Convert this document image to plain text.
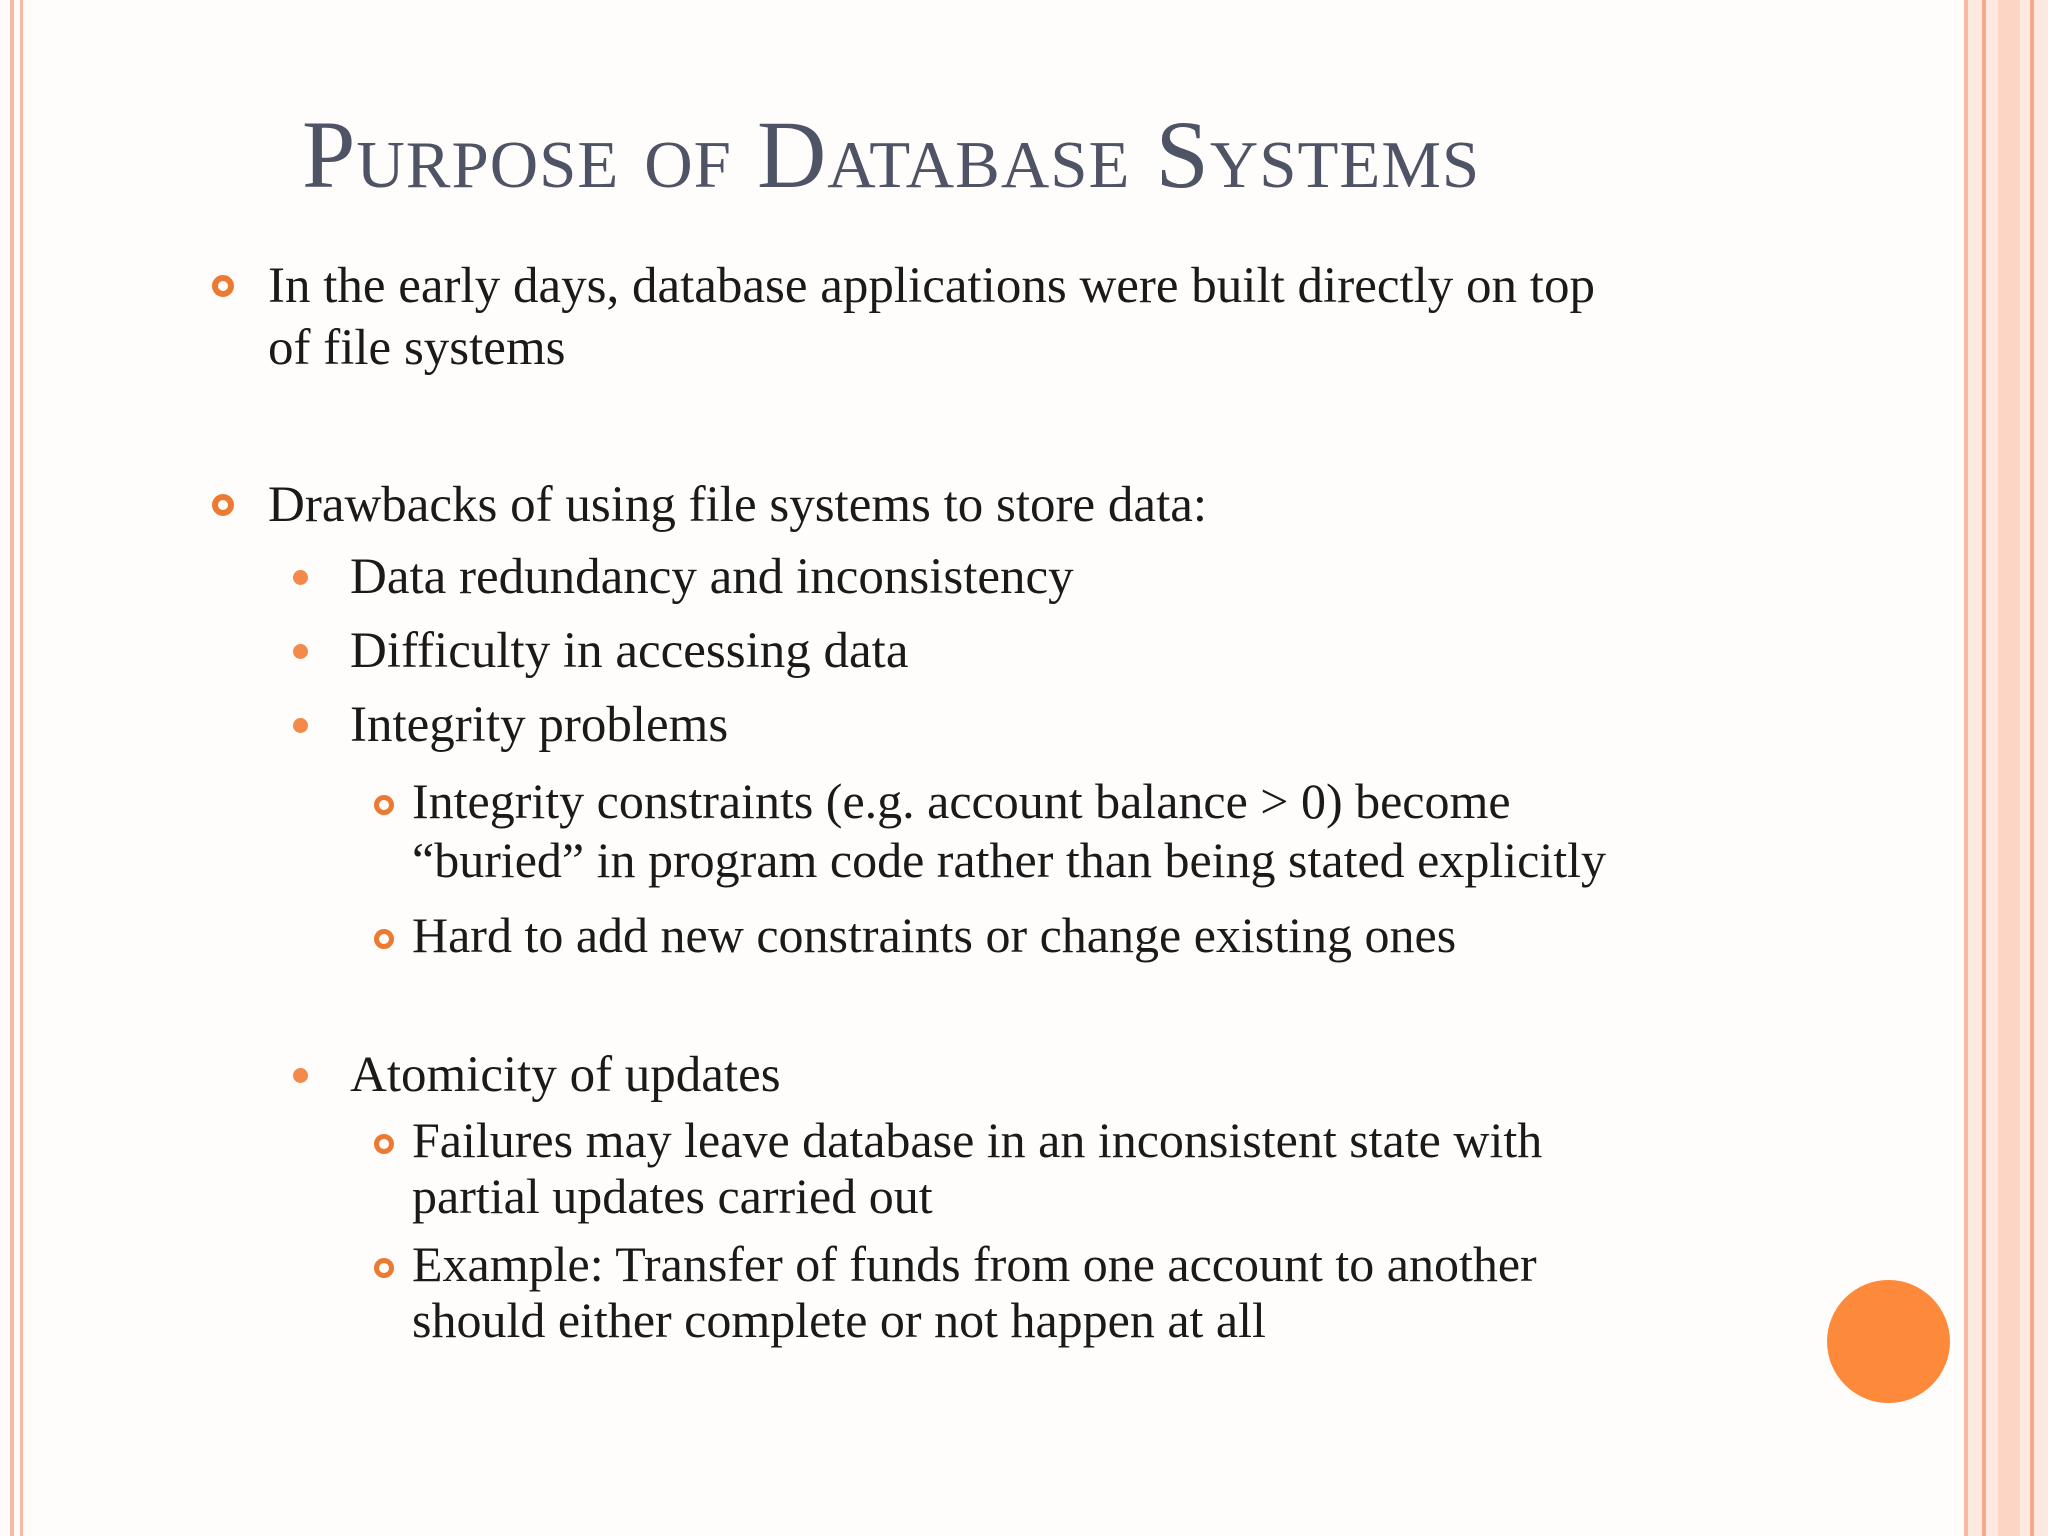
Purpose of Database Systems

In the early days, database applications were built directly on top

of file systems

Drawbacks of using file systems to store data:

Data redundancy and inconsistency

Difficulty in accessing data

Integrity problems

Integrity constraints (e.g. account balance > 0) become

“buried” in program code rather than being stated explicitly

Hard to add new constraints or change existing ones

Atomicity of updates

Failures may leave database in an inconsistent state with

partial updates carried out

Example: Transfer of funds from one account to another

should either complete or not happen at all
